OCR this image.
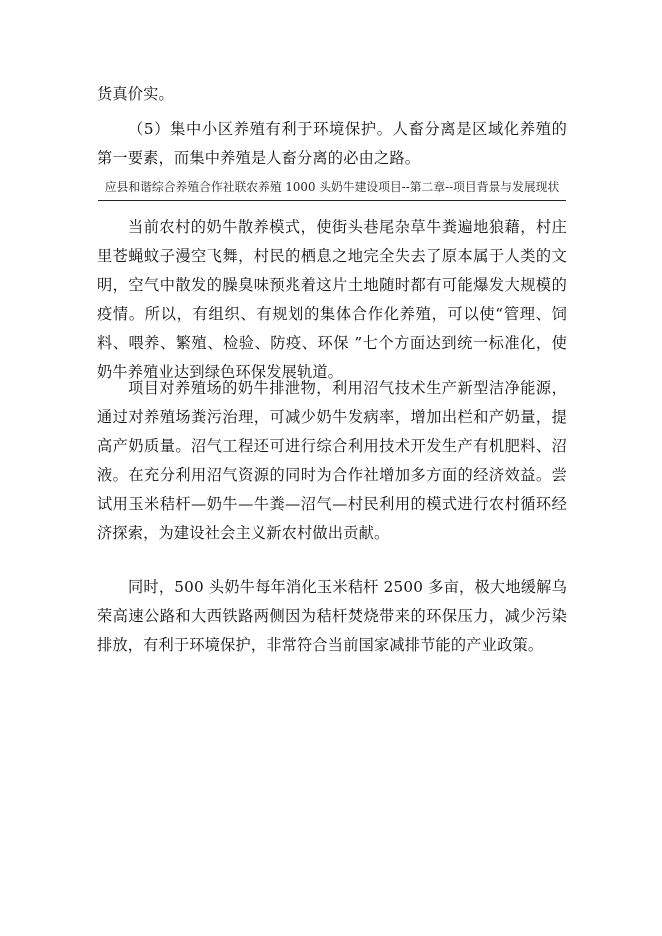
货真价实。

（5）集中小区养殖有利于环境保护。人畜分离是区域化养殖的第一要素，而集中养殖是人畜分离的必由之路。

应县和谐综合养殖合作社联农养殖 1000 头奶牛建设项目--第二章--项目背景与发展现状

当前农村的奶牛散养模式，使街头巷尾杂草牛粪遍地狼藉，村庄里苍蝇蚊子漫空飞舞，村民的栖息之地完全失去了原本属于人类的文明，空气中散发的臊臭味预兆着这片土地随时都有可能爆发大规模的疫情。所以，有组织、有规划的集体合作化养殖，可以使“管理、饲料、喂养、繁殖、检验、防疫、环保 ”七个方面达到统一标准化，使奶牛养殖业达到绿色环保发展轨道。

项目对养殖场的奶牛排泄物，利用沼气技术生产新型洁净能源，通过对养殖场粪污治理，可减少奶牛发病率，增加出栏和产奶量，提高产奶质量。沼气工程还可进行综合利用技术开发生产有机肥料、沼液。在充分利用沼气资源的同时为合作社增加多方面的经济效益。尝试用玉米秸杆—奶牛—牛粪—沼气—村民利用的模式进行农村循环经济探索，为建设社会主义新农村做出贡献。

同时，500 头奶牛每年消化玉米秸杆 2500 多亩，极大地缓解乌荣高速公路和大西铁路两侧因为秸杆焚烧带来的环保压力，减少污染排放，有利于环境保护，非常符合当前国家减排节能的产业政策。
